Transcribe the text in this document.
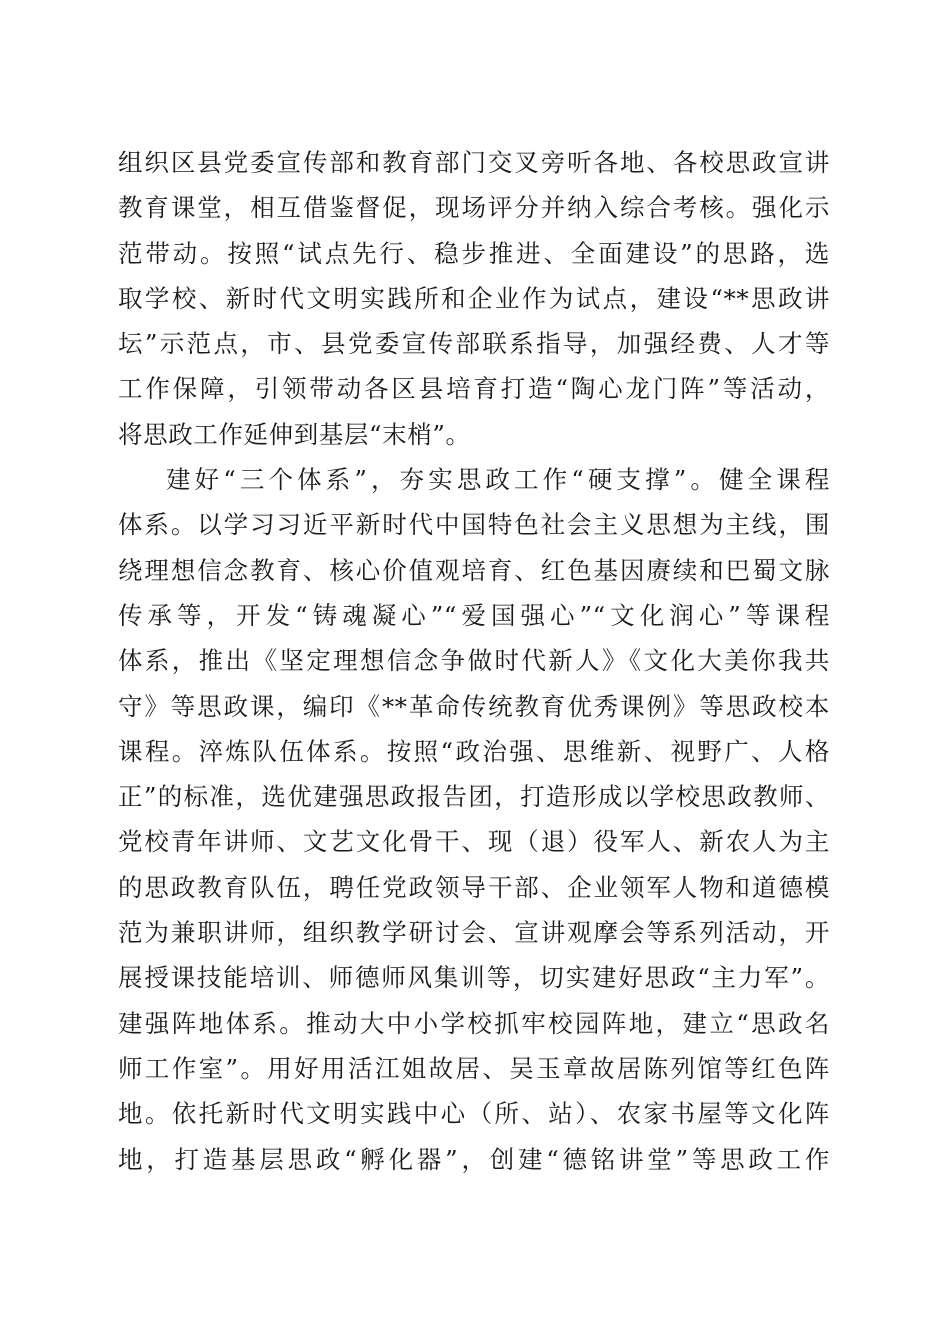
组织区县党委宣传部和教育部门交叉旁听各地、各校思政宣讲
教育课堂，相互借鉴督促，现场评分并纳入综合考核。强化示
范带动。按照“试点先行、稳步推进、全面建设”的思路，选
取学校、新时代文明实践所和企业作为试点，建设“**思政讲
坛”示范点，市、县党委宣传部联系指导，加强经费、人才等
工作保障，引领带动各区县培育打造“陶心龙门阵”等活动，
将思政工作延伸到基层“末梢”。
建好“三个体系”，夯实思政工作“硬支撑”。健全课程
体系。以学习习近平新时代中国特色社会主义思想为主线，围
绕理想信念教育、核心价值观培育、红色基因赓续和巴蜀文脉
传承等，开发“铸魂凝心”“爱国强心”“文化润心”等课程
体系，推出《坚定理想信念争做时代新人》《文化大美你我共
守》等思政课，编印《**革命传统教育优秀课例》等思政校本
课程。淬炼队伍体系。按照“政治强、思维新、视野广、人格
正”的标准，选优建强思政报告团，打造形成以学校思政教师、
党校青年讲师、文艺文化骨干、现（退）役军人、新农人为主
的思政教育队伍，聘任党政领导干部、企业领军人物和道德模
范为兼职讲师，组织教学研讨会、宣讲观摩会等系列活动，开
展授课技能培训、师德师风集训等，切实建好思政“主力军”。
建强阵地体系。推动大中小学校抓牢校园阵地，建立“思政名
师工作室”。用好用活江姐故居、吴玉章故居陈列馆等红色阵
地。依托新时代文明实践中心（所、站）、农家书屋等文化阵
地，打造基层思政“孵化器”，创建“德铭讲堂”等思政工作
